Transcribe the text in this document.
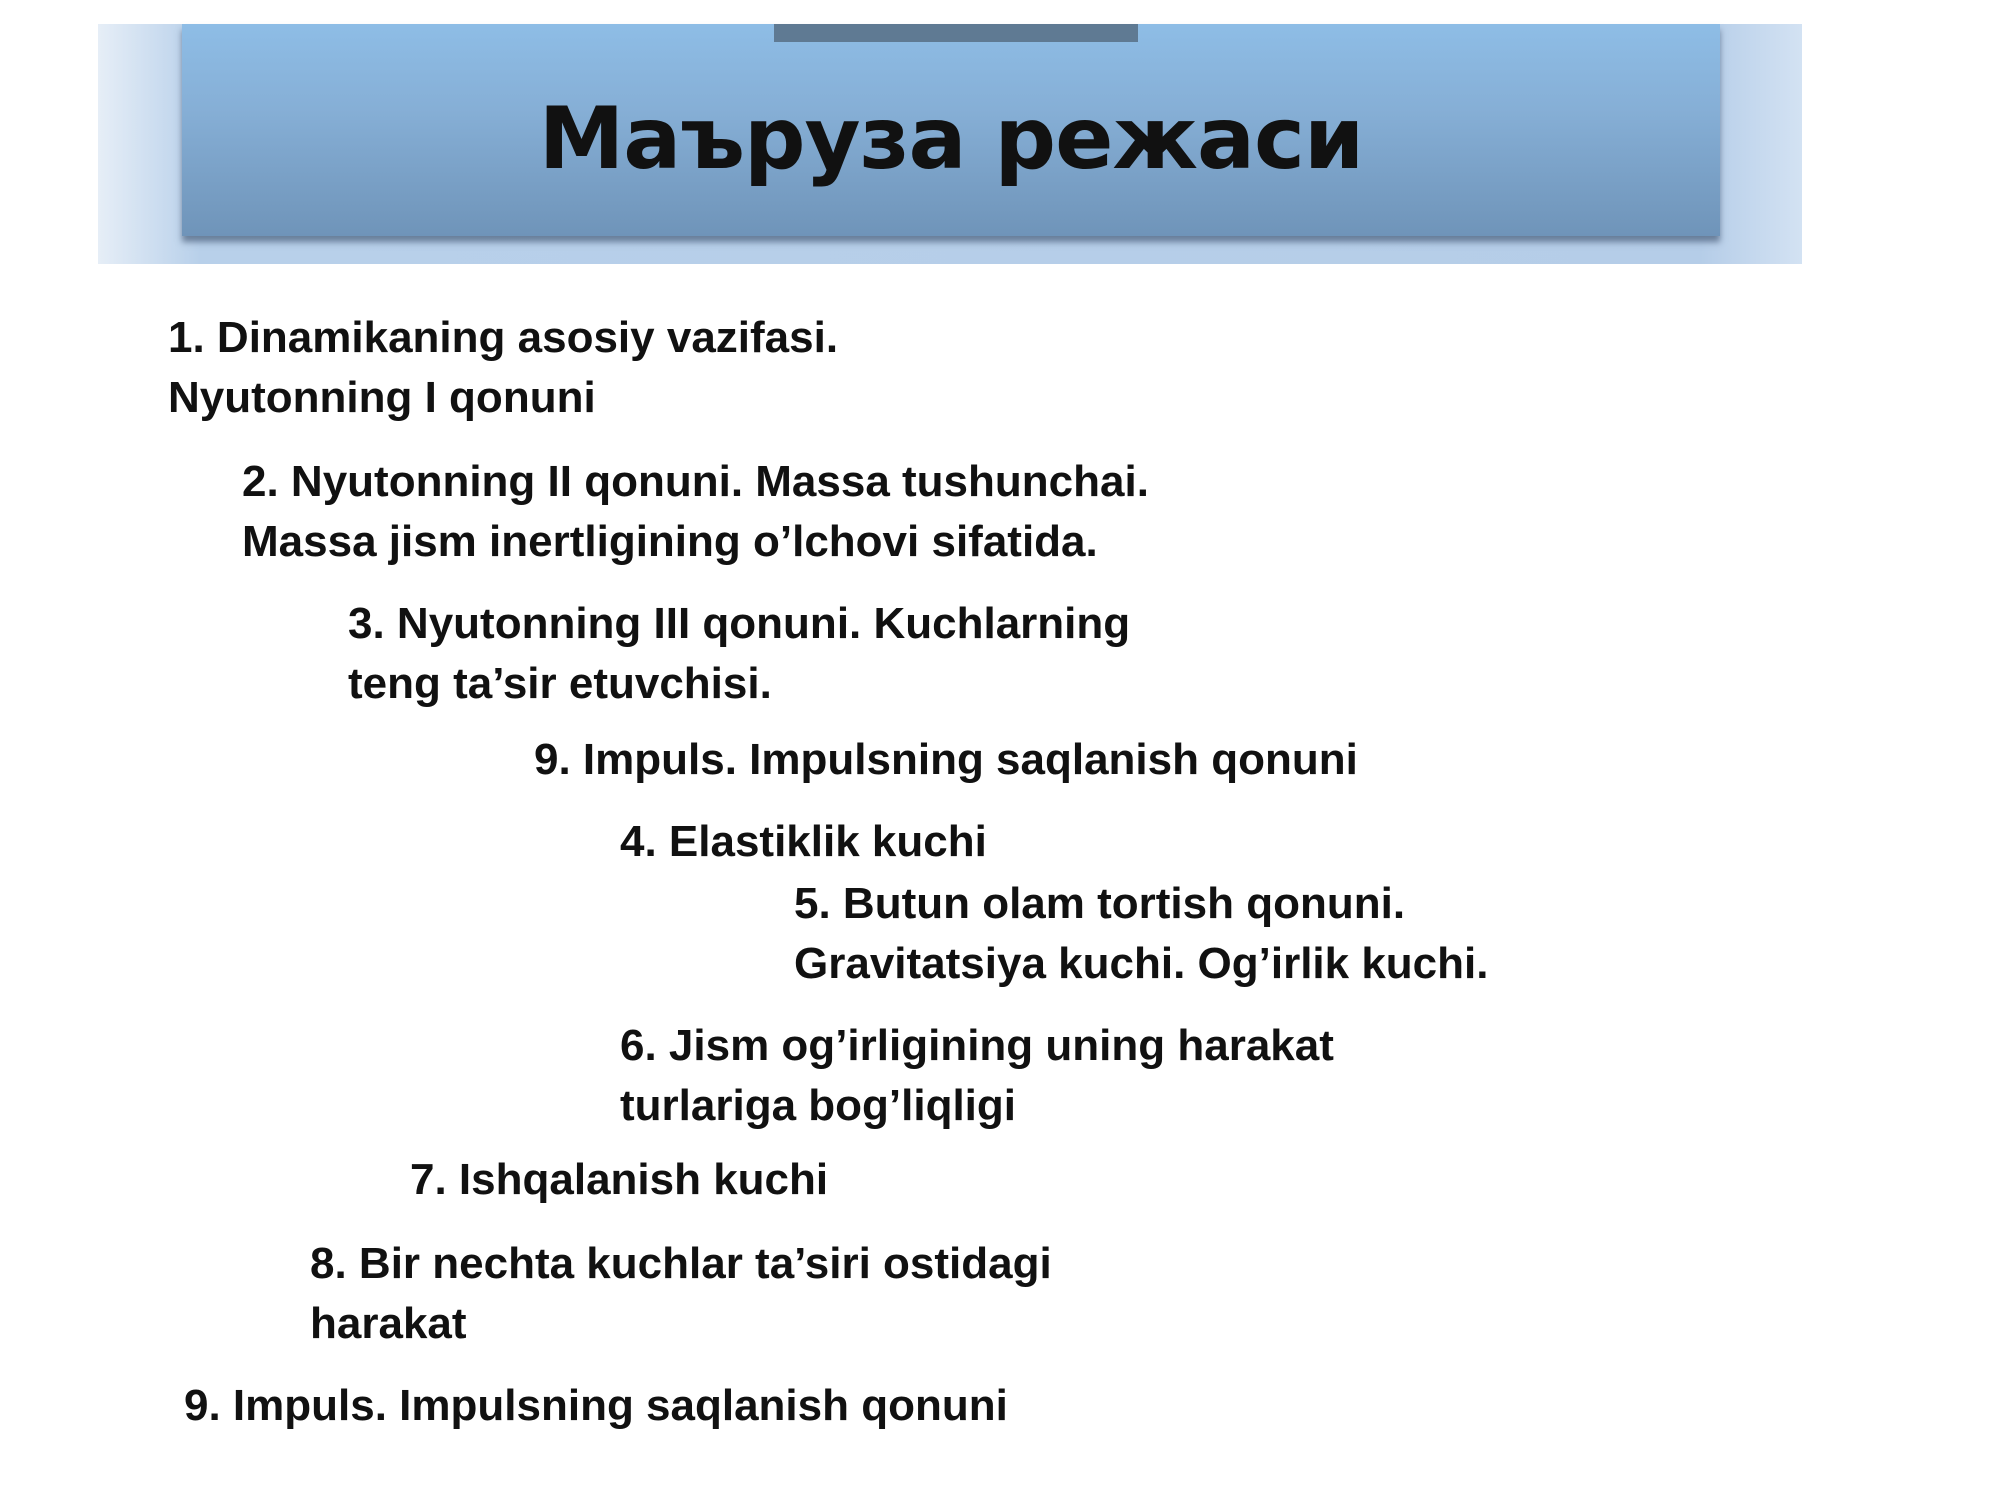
Маъруза режаси
1. Dinamikaning asosiy vazifasi.
Nyutonning I qonuni
2. Nyutonning II qonuni. Massa tushunchai.
Massa jism inertligining o’lchovi sifatida.
3. Nyutonning III qonuni. Kuchlarning
teng ta’sir etuvchisi.
9. Impuls. Impulsning saqlanish qonuni
4. Elastiklik kuchi
5. Butun olam tortish qonuni.
Gravitatsiya kuchi. Og’irlik kuchi.
6. Jism og’irligining uning harakat
turlariga bog’liqligi
7. Ishqalanish kuchi
8. Bir nechta kuchlar ta’siri ostidagi
harakat
9. Impuls. Impulsning saqlanish qonuni
